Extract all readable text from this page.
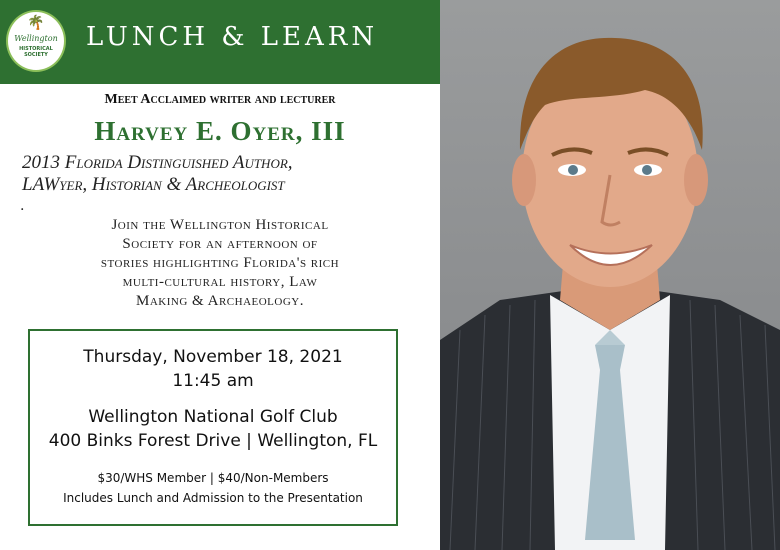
🌴
Wellington
HISTORICAL SOCIETY
LUNCH & LEARN
Meet Acclaimed writer and lecturer
Harvey E. Oyer, III
2013 Florida Distinguished Author,
LAWyer, Historian & Archeologist
.
Join the Wellington Historical
Society for an afternoon of
stories highlighting Florida's rich
multi-cultural history, Law
Making & Archaeology.
Thursday, November 18, 2021
11:45 am
Wellington National Golf Club
400 Binks Forest Drive | Wellington, FL
$30/WHS Member | $40/Non-Members
Includes Lunch and Admission to the Presentation
